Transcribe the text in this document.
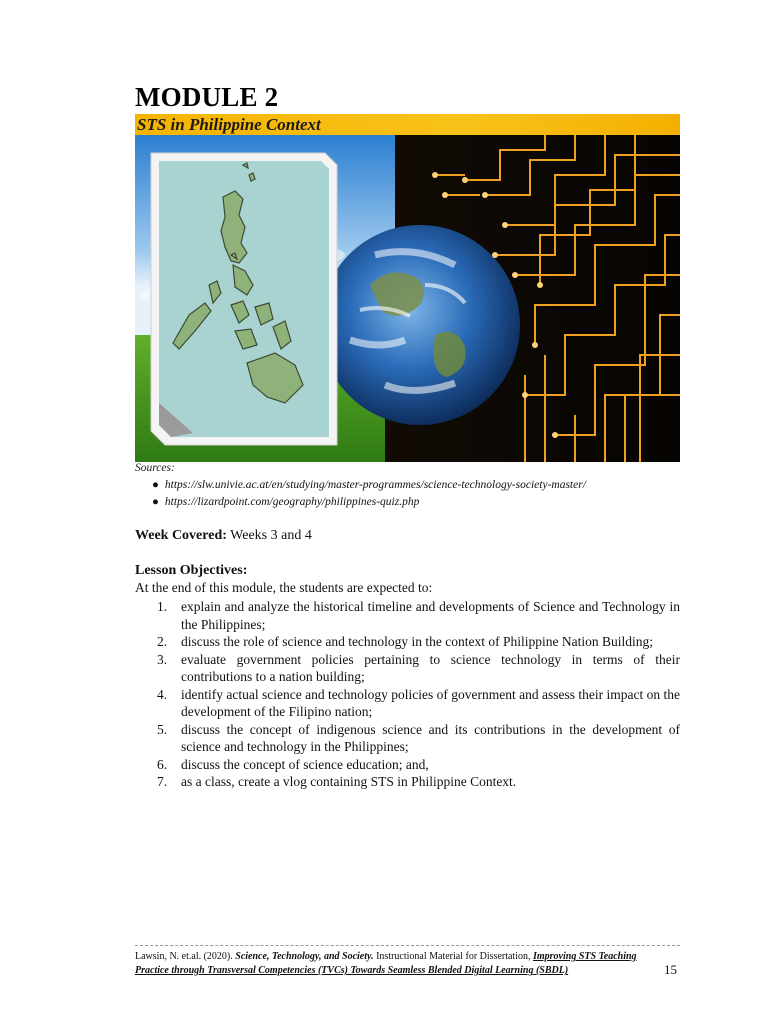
MODULE 2
STS in Philippine Context
Sources:
● https://slw.univie.ac.at/en/studying/master-programmes/science-technology-society-master/
● https://lizardpoint.com/geography/philippines-quiz.php
Week Covered: Weeks 3 and 4
Lesson Objectives:
At the end of this module, the students are expected to:
1. explain and analyze the historical timeline and developments of Science and Technology in the Philippines;
2. discuss the role of science and technology in the context of Philippine Nation Building;
3. evaluate government policies pertaining to science technology in terms of their contributions to a nation building;
4. identify actual science and technology policies of government and assess their impact on the development of the Filipino nation;
5. discuss the concept of indigenous science and its contributions in the development of science and technology in the Philippines;
6. discuss the concept of science education; and,
7. as a class, create a vlog containing STS in Philippine Context.
Lawsin, N. et.al. (2020). Science, Technology, and Society. Instructional Material for Dissertation, Improving STS Teaching Practice through Transversal Competencies (TVCs) Towards Seamless Blended Digital Learning (SBDL)	15
